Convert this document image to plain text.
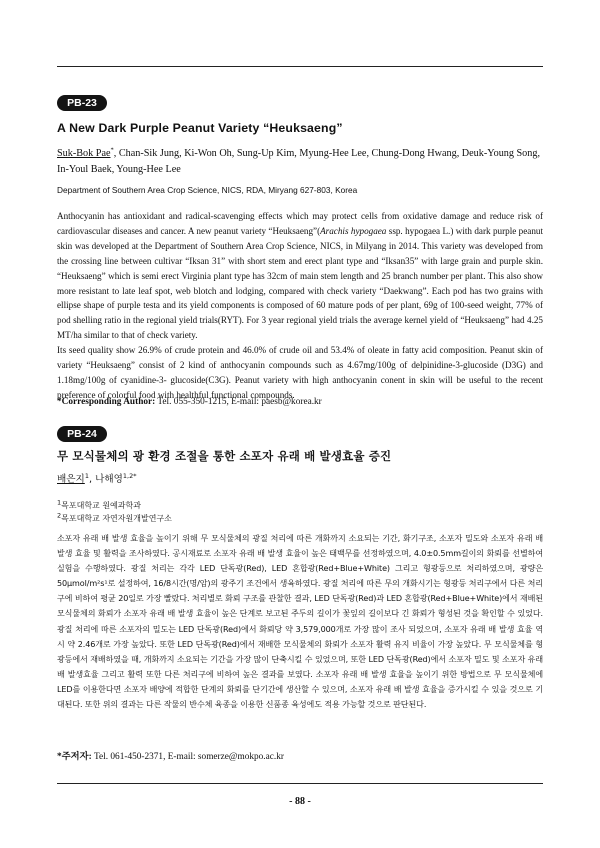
PB-23
A New Dark Purple Peanut Variety “Heuksaeng”
Suk-Bok Pae*, Chan-Sik Jung, Ki-Won Oh, Sung-Up Kim, Myung-Hee Lee, Chung-Dong Hwang, Deuk-Young Song, In-Youl Baek, Young-Hee Lee
Department of Southern Area Crop Science, NICS, RDA, Miryang 627-803, Korea

Anthocyanin has antioxidant and radical-scavenging effects which may protect cells from oxidative damage and reduce risk of cardiovascular diseases and cancer. A new peanut variety “Heuksaeng”(Arachis hypogaea ssp. hypogaea L.) with dark purple peanut skin was developed at the Department of Southern Area Crop Science, NICS, in Milyang in 2014. This variety was developed from the crossing line between cultivar “Iksan 31” with short stem and erect plant type and “Iksan35” with large grain and purple skin. “Heuksaeng” which is semi erect Virginia plant type has 32cm of main stem length and 25 branch number per plant. This also show more resistant to late leaf spot, web blotch and lodging, compared with check variety “Daekwang”. Each pod has two grains with ellipse shape of purple testa and its yield components is composed of 60 mature pods of per plant, 69g of 100-seed weight, 77% of pod shelling ratio in the regional yield trials(RYT). For 3 year regional yield trials the average kernel yield of “Heuksaeng” had 4.25 MT/ha similar to that of check variety.

Its seed quality show 26.9% of crude protein and 46.0% of crude oil and 53.4% of oleate in fatty acid composition. Peanut skin of variety “Heuksaeng” consist of 2 kind of anthocyanin compounds such as 4.67mg/100g of delpinidine-3-glucoside (D3G) and 1.18mg/100g of cyanidine-3- glucoside(C3G). Peanut variety with high anthocyanin conent in skin will be useful to the recent preference of colorful food with healthful functional compounds.

*Corresponding Author: Tel. 055-350-1215, E-mail: paesb@korea.kr
PB-24
무 모식물체의 광 환경 조절을 통한 소포자 유래 배 발생효율 증진
배은지$^1$, 나해영$^{1,2*}$
$^1$목포대학교 원예과학과
$^2$목포대학교 자연자원개발연구소
소포자 유래 배 발생 효율을 높이기 위해 무 모식물체의 광질 처리에 따른 개화까지 소요되는 기간, 화기구조, 소포자 밀도와 소포자 유래 배 발생 효율 및 활력을 조사하였다. 공시재료로 소포자 유래 배 발생 효율이 높은 태백무를 선정하였으며, 4.0±0.5mm길이의 화뢰를 선별하여 실험을 수행하였다. 광질 처리는 각각 LED 단독광(Red), LED 혼합광(Red+Blue+White) 그리고 형광등으로 처리하였으며, 광량은 50μmol/m²s¹로 설정하여, 16/8시간(명/암)의 광주기 조건에서 생육하였다. 광질 처리에 따른 무의 개화시기는 형광등 처리구에서 다른 처리구에 비하여 평균 20일로 가장 빨랐다. 처리별로 화뢰 구조를 관찰한 결과, LED 단독광(Red)과 LED 혼합광(Red+Blue+White)에서 재배된 모식물체의 화뢰가 소포자 유래 배 발생 효율이 높은 단계로 보고된 주두의 길이가 꽃잎의 길이보다 긴 화뢰가 형성된 것을 확인할 수 있었다. 광질 처리에 따른 소포자의 밀도는 LED 단독광(Red)에서 화뢰당 약 3,579,000개로 가장 많이 조사 되었으며, 소포자 유래 배 발생 효율 역시 약 2.46개로 가장 높았다. 또한 LED 단독광(Red)에서 재배한 모식물체의 화뢰가 소포자 활력 유지 비율이 가장 높았다. 무 모식물체를 형광등에서 재배하였을 때, 개화까지 소요되는 기간을 가장 많이 단축시킬 수 있었으며, 또한 LED 단독광(Red)에서 소포자 밀도 및 소포자 유래 배 발생효율 그리고 활력 또한 다른 처리구에 비하여 높은 결과를 보였다. 소포자 유래 배 발생 효율을 높이기 위한 방법으로 무 모식물체에 LED를 이용한다면 소포자 배양에 적합한 단계의 화뢰를 단기간에 생산할 수 있으며, 소포자 유래 배 발생 효율을 증가시킬 수 있을 것으로 기대된다. 또한 위의 결과는 다른 작물의 반수체 육종을 이용한 신품종 육성에도 적용 가능할 것으로 판단된다.
*주저자: Tel. 061-450-2371, E-mail: somerze@mokpo.ac.kr
- 88 -
